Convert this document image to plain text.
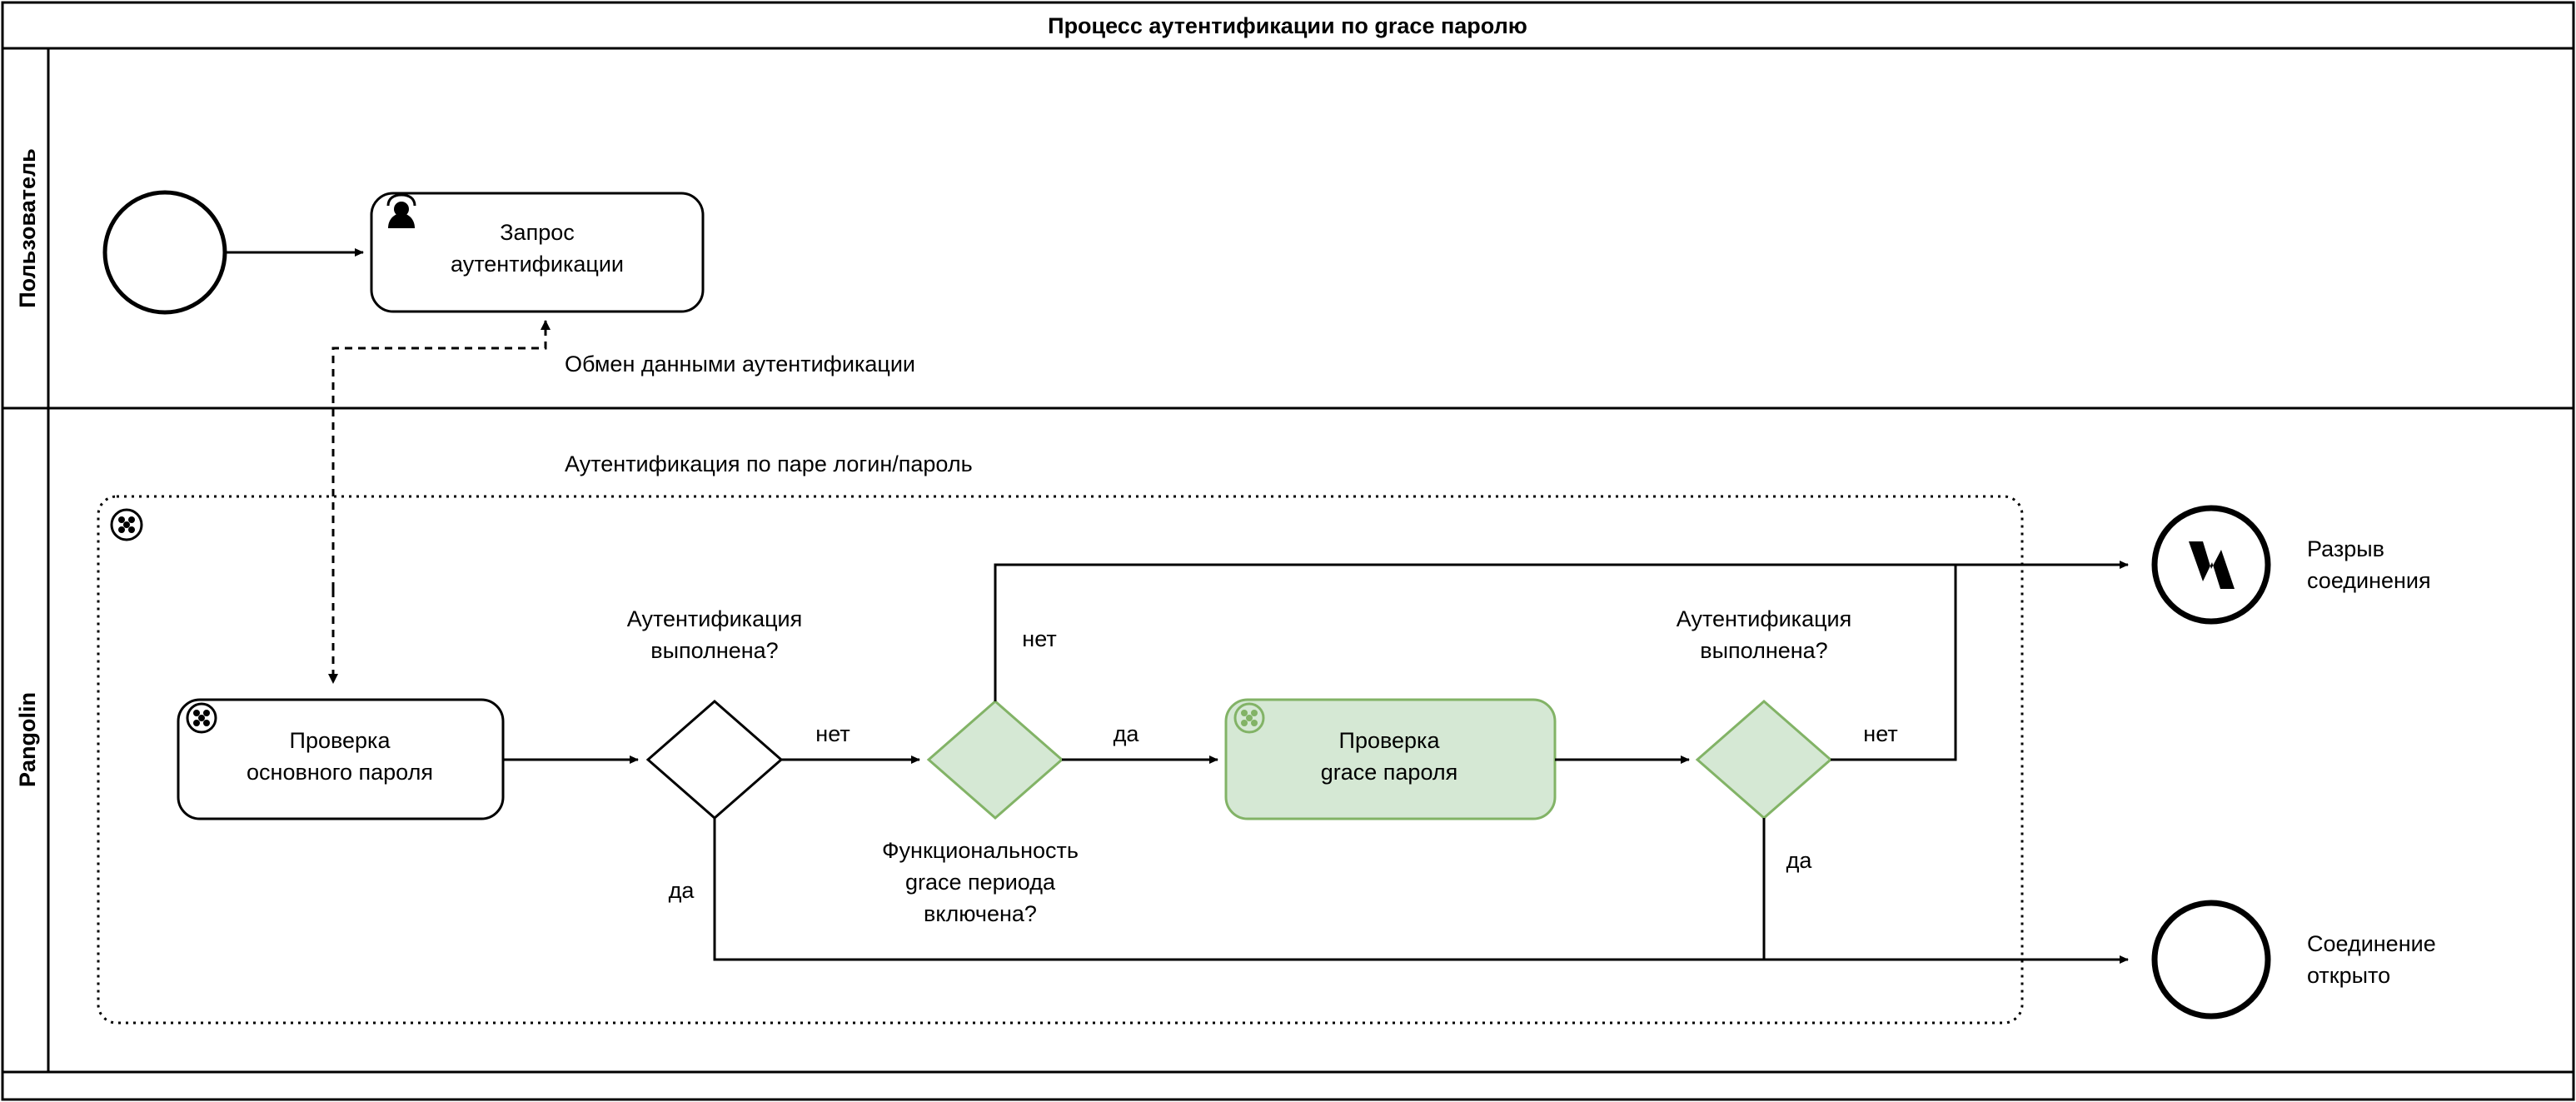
Процесс аутентификации по grace паролю
Пользователь
Pangolin
Запрос
аутентификации
Обмен данными аутентификации
Аутентификация по паре логин/пароль
Проверка
основного пароля
Аутентификация
выполнена?
нет
да
Функциональность
grace периода
включена?
нет
да	Проверка
grace пароля
Аутентификация
выполнена?
нет
да
Разрыв
соединения
Соединение
открыто
